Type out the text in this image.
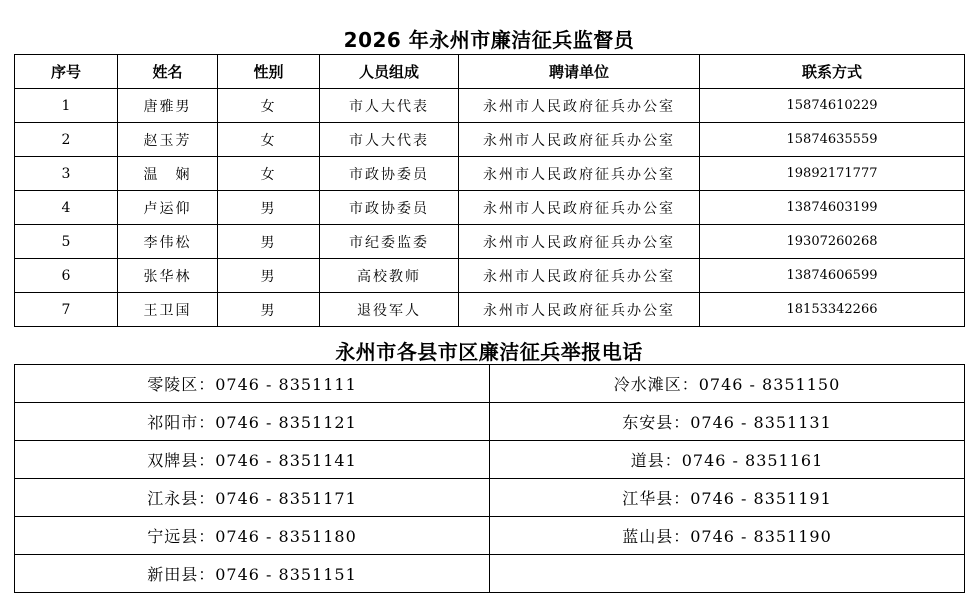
2026 年永州市廉洁征兵监督员
序号	姓名	性别	人员组成	聘请单位	联系方式
1	唐雅男	女	市人大代表	永州市人民政府征兵办公室	15874610229
2	赵玉芳	女	市人大代表	永州市人民政府征兵办公室	15874635559
3	温　娴	女	市政协委员	永州市人民政府征兵办公室	19892171777
4	卢运仰	男	市政协委员	永州市人民政府征兵办公室	13874603199
5	李伟松	男	市纪委监委	永州市人民政府征兵办公室	19307260268
6	张华林	男	高校教师	永州市人民政府征兵办公室	13874606599
7	王卫国	男	退役军人	永州市人民政府征兵办公室	18153342266
永州市各县市区廉洁征兵举报电话
零陵区：0746 - 8351111	冷水滩区：0746 - 8351150
祁阳市：0746 - 8351121	东安县：0746 - 8351131
双牌县：0746 - 8351141	道县：0746 - 8351161
江永县：0746 - 8351171	江华县：0746 - 8351191
宁远县：0746 - 8351180	蓝山县：0746 - 8351190
新田县：0746 - 8351151	
